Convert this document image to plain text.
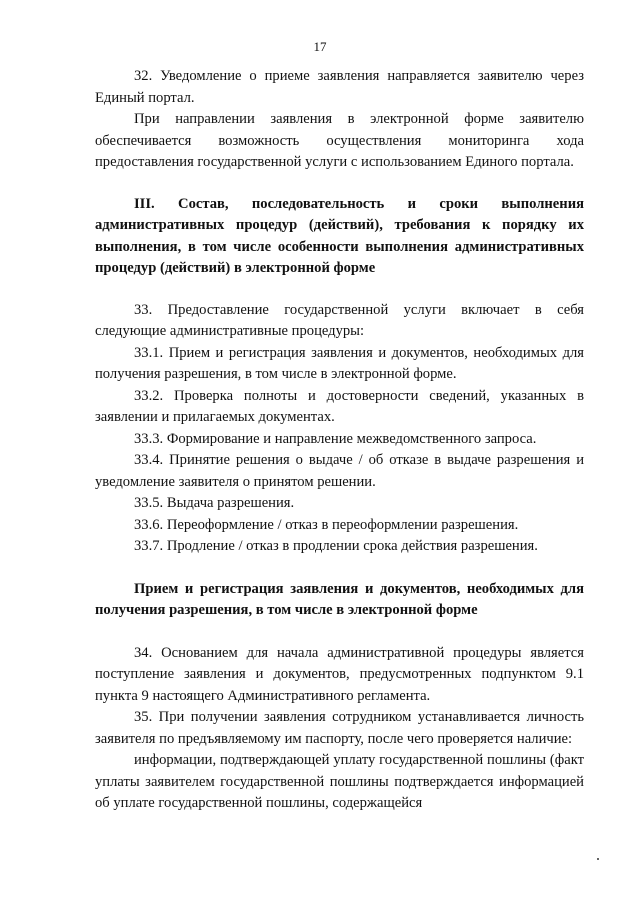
17

32. Уведомление о приеме заявления направляется заявителю через Единый портал.

При направлении заявления в электронной форме заявителю обеспечивается возможность осуществления мониторинга хода предоставления государственной услуги с использованием Единого портала.

III. Состав, последовательность и сроки выполнения административных процедур (действий), требования к порядку их выполнения, в том числе особенности выполнения административных процедур (действий) в электронной форме

33. Предоставление государственной услуги включает в себя следующие административные процедуры:

33.1. Прием и регистрация заявления и документов, необходимых для получения разрешения, в том числе в электронной форме.

33.2. Проверка полноты и достоверности сведений, указанных в заявлении и прилагаемых документах.

33.3. Формирование и направление межведомственного запроса.

33.4. Принятие решения о выдаче / об отказе в выдаче разрешения и уведомление заявителя о принятом решении.

33.5. Выдача разрешения.

33.6. Переоформление / отказ в переоформлении разрешения.

33.7. Продление / отказ в продлении срока действия разрешения.

Прием и регистрация заявления и документов, необходимых для получения разрешения, в том числе в электронной форме

34. Основанием для начала административной процедуры является поступление заявления и документов, предусмотренных подпунктом 9.1 пункта 9 настоящего Административного регламента.

35. При получении заявления сотрудником устанавливается личность заявителя по предъявляемому им паспорту, после чего проверяется наличие:

информации, подтверждающей уплату государственной пошлины (факт уплаты заявителем государственной пошлины подтверждается информацией об уплате государственной пошлины, содержащейся
